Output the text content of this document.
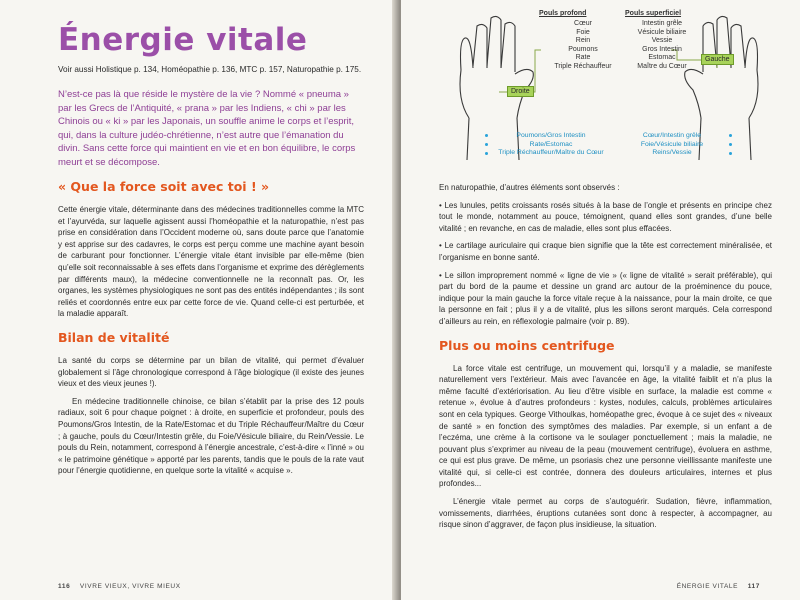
Énergie vitale

Voir aussi Holistique p. 134, Homéopathie p. 136, MTC p. 157, Naturopathie p. 175.

N’est-ce pas là que réside le mystère de la vie ? Nommé « pneuma » par les Grecs de l’Antiquité, « prana » par les Indiens, « chi » par les Chinois ou « ki » par les Japonais, un souffle anime le corps et l’esprit, qui, dans la culture judéo-chrétienne, n’est autre que l’émanation du divin. Sans cette force qui maintient en vie et en bon équilibre, le corps meurt et se décompose.

« Que la force soit avec toi ! »

Cette énergie vitale, déterminante dans des médecines traditionnelles comme la MTC et l’ayurvéda, sur laquelle agissent aussi l’homéopathie et la naturopathie, n’est pas prise en considération dans l’Occident moderne où, sans doute parce que l’anatomie y est apprise sur des cadavres, le corps est perçu comme une machine ayant besoin de carburant pour fonctionner. L’énergie vitale étant invisible par elle-même (bien qu’elle soit reconnaissable à ses effets dans l’organisme et exprime des dérèglements par différents maux), la médecine conventionnelle ne la reconnaît pas. Or, les organes, les systèmes physiologiques ne sont pas des entités indépendantes ; ils sont reliés et coordonnés entre eux par cette force de vie. Quand celle-ci est perturbée, et la maladie apparaît.

Bilan de vitalité

La santé du corps se détermine par un bilan de vitalité, qui permet d’évaluer globalement si l’âge chronologique correspond à l’âge biologique (il existe des jeunes vieux et des vieux jeunes !).

En médecine traditionnelle chinoise, ce bilan s’établit par la prise des 12 pouls radiaux, soit 6 pour chaque poignet : à droite, en superficie et profondeur, pouls des Poumons/Gros Intestin, de la Rate/Estomac et du Triple Réchauffeur/Maître du Cœur ; à gauche, pouls du Cœur/Intestin grêle, du Foie/Vésicule biliaire, du Rein/Vessie. Le pouls du Rein, notamment, correspond à l’énergie ancestrale, c’est-à-dire « l’inné » ou « le patrimoine génétique » apporté par les parents, tandis que le pouls de la rate vaut pour l’énergie quotidienne, en quelque sorte la vitalité « acquise ».

116 VIVRE VIEUX, VIVRE MIEUX
Pouls profond
Cœur
Foie
Rein
Poumons
Rate
Triple Réchauffeur
Pouls superficiel
Intestin grêle
Vésicule biliaire
Vessie
Gros Intestin
Estomac
Maître du Cœur
Droite
Gauche
Poumons/Gros Intestin
Rate/Estomac
Triple Réchauffeur/Maître du Cœur
Cœur/Intestin grêle
Foie/Vésicule biliaire
Reins/Vessie

En naturopathie, d’autres éléments sont observés :

• Les lunules, petits croissants rosés situés à la base de l’ongle et présents en principe chez tout le monde, notamment au pouce, témoignent, quand elles sont grandes, d’une belle vitalité ; en revanche, en cas de maladie, elles sont plus effacées.

• Le cartilage auriculaire qui craque bien signifie que la tête est correctement minéralisée, et l’organisme en bonne santé.

• Le sillon improprement nommé « ligne de vie » (« ligne de vitalité » serait préférable), qui part du bord de la paume et dessine un grand arc autour de la proéminence du pouce, indique pour la main gauche la force vitale reçue à la naissance, pour la main droite, ce que la personne en fait ; plus il y a de vitalité, plus les sillons seront marqués. Cela correspond d’ailleurs au rein, en réflexologie palmaire (voir p. 89).

Plus ou moins centrifuge

La force vitale est centrifuge, un mouvement qui, lorsqu’il y a maladie, se manifeste naturellement vers l’extérieur. Mais avec l’avancée en âge, la vitalité faiblit et n’a plus la même faculté d’extériorisation. Au lieu d’être visible en surface, la maladie est comme « retenue », évolue à d’autres profondeurs : kystes, nodules, calculs, problèmes articulaires sont en cela typiques. George Vithoulkas, homéopathe grec, évoque à ce sujet des « niveaux de santé » en fonction des symptômes des maladies. Par exemple, si un enfant a de l’eczéma, une crème à la cortisone va le soulager ponctuellement ; mais la maladie, ne pouvant plus s’exprimer au niveau de la peau (mouvement centrifuge), évoluera en asthme, ce qui est plus grave. De même, un psoriasis chez une personne vieillissante manifeste une vitalité qui, si celle-ci est contrée, donnera des douleurs articulaires, internes et plus profondes...

L’énergie vitale permet au corps de s’autoguérir. Sudation, fièvre, inflammation, vomissements, diarrhées, éruptions cutanées sont donc à respecter, à accompagner, au risque sinon d’aggraver, de façon plus insidieuse, la situation.

ÉNERGIE VITALE 117
